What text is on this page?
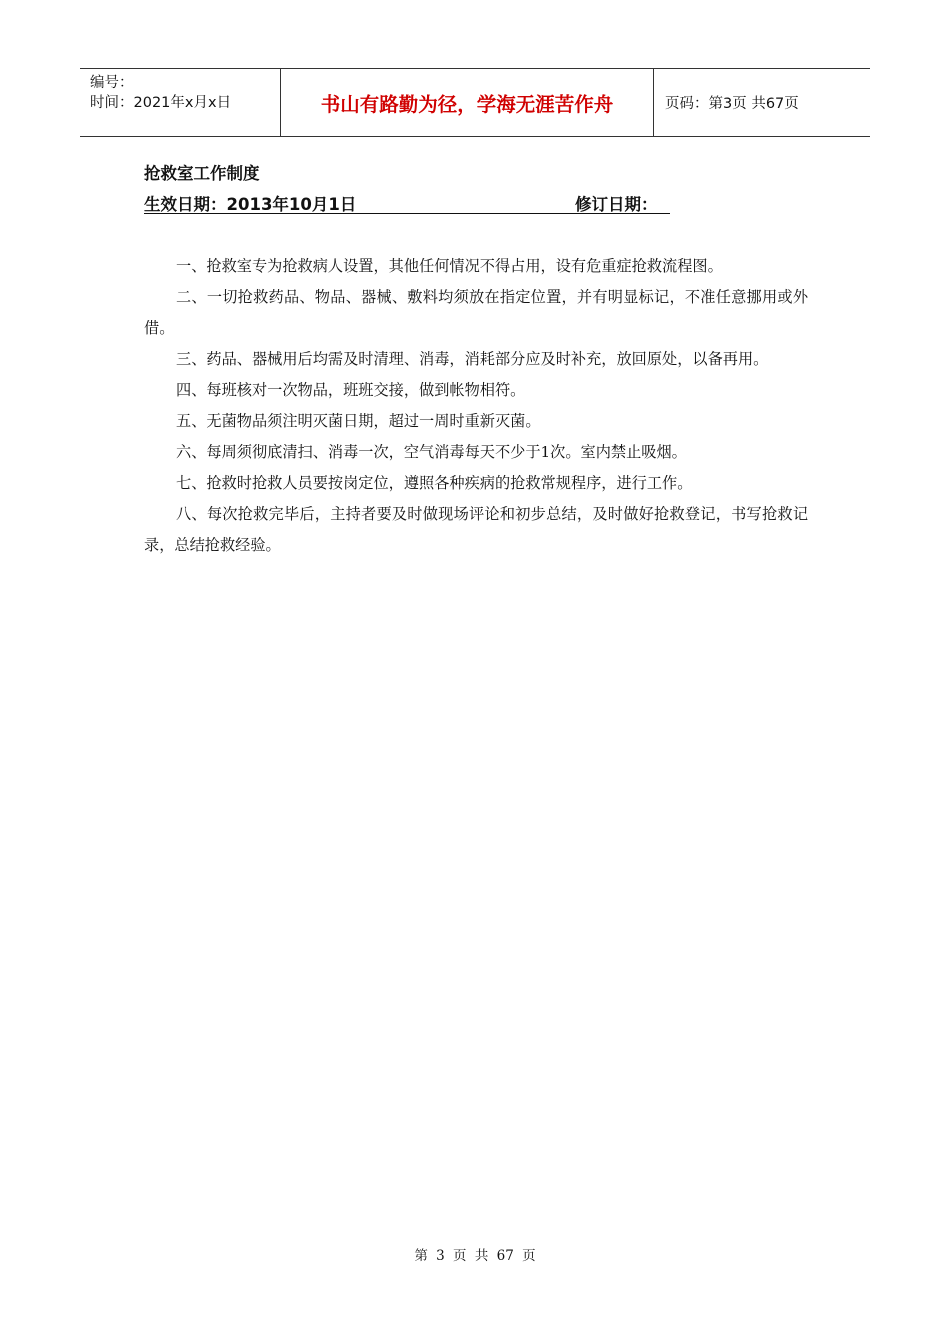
编号：
时间：2021年x月x日	书山有路勤为径，学海无涯苦作舟	页码：第3页 共67页
抢救室工作制度
生效日期：2013年10月1日	修订日期：

一、抢救室专为抢救病人设置，其他任何情况不得占用，设有危重症抢救流程图。

二、一切抢救药品、物品、器械、敷料均须放在指定位置，并有明显标记，不准任意挪用或外借。

三、药品、器械用后均需及时清理、消毒，消耗部分应及时补充，放回原处，以备再用。

四、每班核对一次物品，班班交接，做到帐物相符。

五、无菌物品须注明灭菌日期，超过一周时重新灭菌。

六、每周须彻底清扫、消毒一次，空气消毒每天不少于1次。室内禁止吸烟。

七、抢救时抢救人员要按岗定位，遵照各种疾病的抢救常规程序，进行工作。

八、每次抢救完毕后，主持者要及时做现场评论和初步总结，及时做好抢救登记，书写抢救记录，总结抢救经验。

第 3 页 共 67 页
